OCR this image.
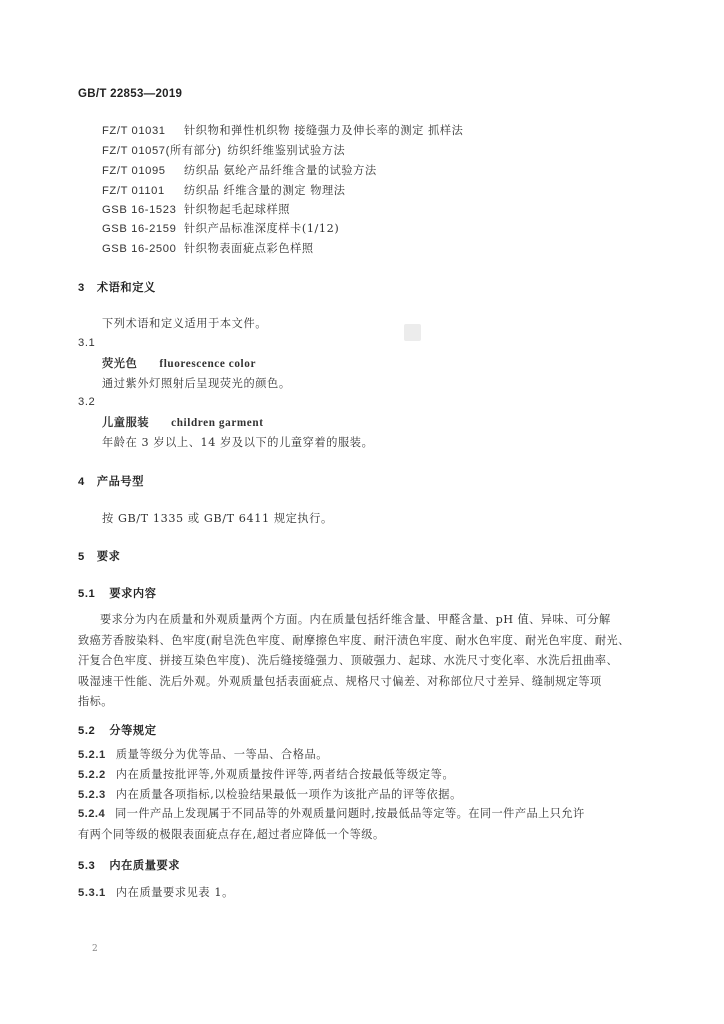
GB/T 22853—2019
FZ/T 01031 针织物和弹性机织物 接缝强力及伸长率的测定 抓样法
FZ/T 01057(所有部分) 纺织纤维鉴别试验方法
FZ/T 01095 纺织品 氨纶产品纤维含量的试验方法
FZ/T 01101 纺织品 纤维含量的测定 物理法
GSB 16-1523 针织物起毛起球样照
GSB 16-2159 针织产品标准深度样卡(1/12)
GSB 16-2500 针织物表面疵点彩色样照
3 术语和定义
下列术语和定义适用于本文件。
3.1
荧光色 fluorescence color
通过紫外灯照射后呈现荧光的颜色。
3.2
儿童服装 children garment
年龄在 3 岁以上、14 岁及以下的儿童穿着的服装。
4 产品号型
按 GB/T 1335 或 GB/T 6411 规定执行。
5 要求
5.1 要求内容
要求分为内在质量和外观质量两个方面。内在质量包括纤维含量、甲醛含量、pH 值、异味、可分解
致癌芳香胺染料、色牢度(耐皂洗色牢度、耐摩擦色牢度、耐汗渍色牢度、耐水色牢度、耐光色牢度、耐光、
汗复合色牢度、拼接互染色牢度)、洗后缝接缝强力、顶破强力、起球、水洗尺寸变化率、水洗后扭曲率、
吸湿速干性能、洗后外观。外观质量包括表面疵点、规格尺寸偏差、对称部位尺寸差异、缝制规定等项
指标。
5.2 分等规定
5.2.1 质量等级分为优等品、一等品、合格品。
5.2.2 内在质量按批评等,外观质量按件评等,两者结合按最低等级定等。
5.2.3 内在质量各项指标,以检验结果最低一项作为该批产品的评等依据。
5.2.4 同一件产品上发现属于不同品等的外观质量问题时,按最低品等定等。在同一件产品上只允许
有两个同等级的极限表面疵点存在,超过者应降低一个等级。
5.3 内在质量要求
5.3.1 内在质量要求见表 1。
2
